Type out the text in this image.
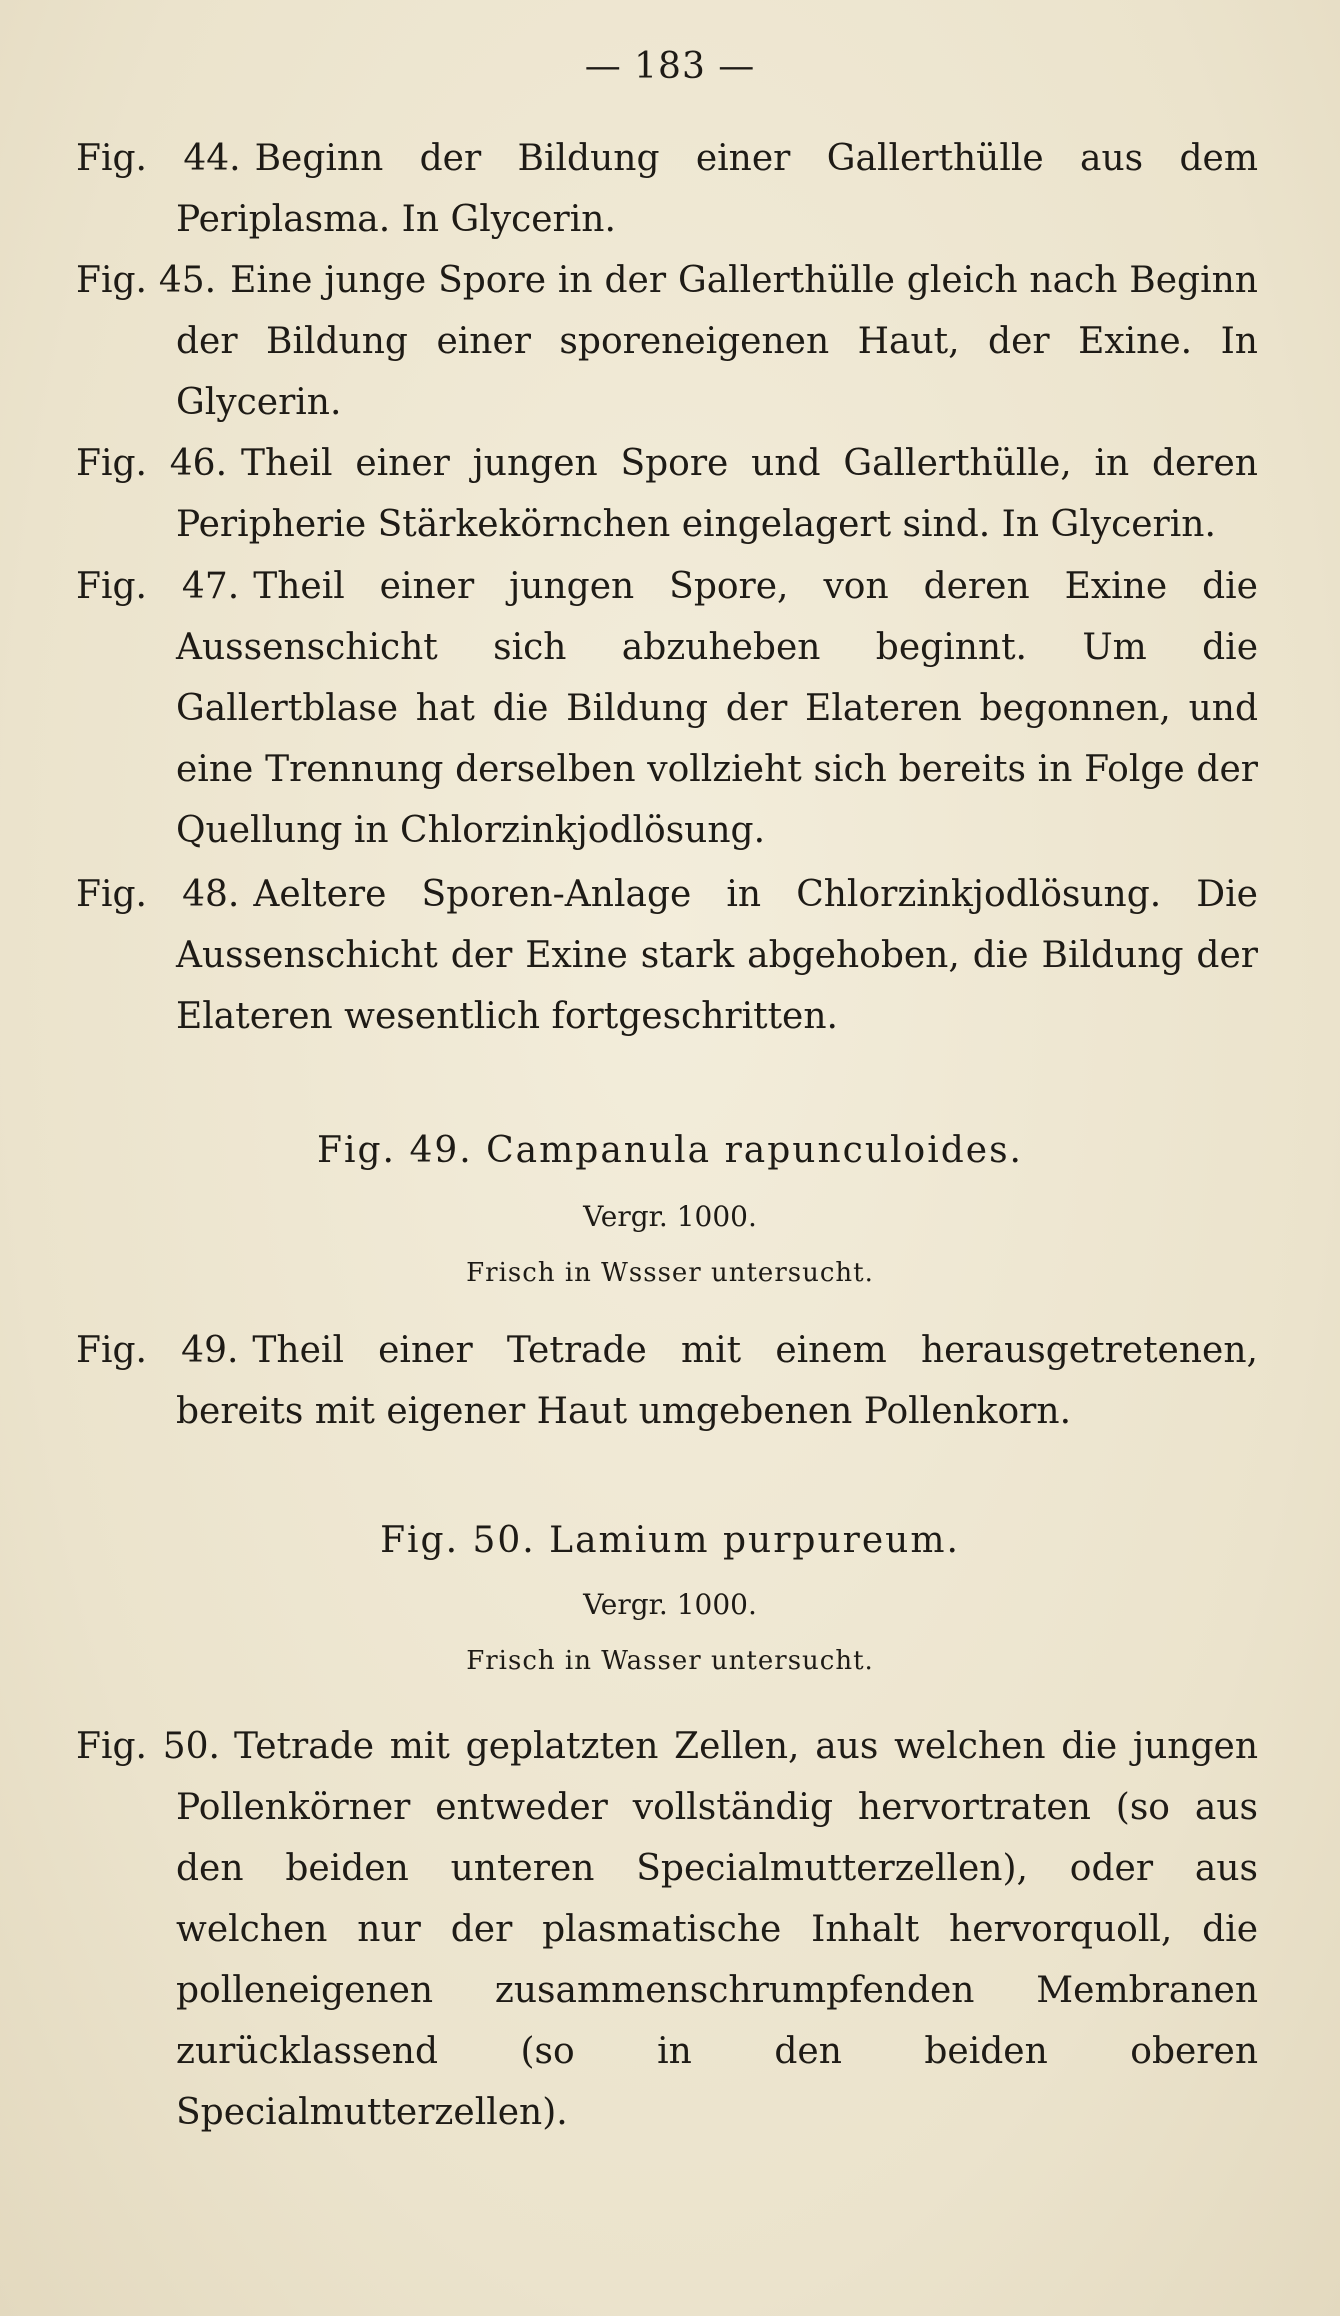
— 183 —

Fig. 44. Beginn der Bildung einer Gallerthülle aus dem Periplasma. In Glycerin.

Fig. 45. Eine junge Spore in der Gallerthülle gleich nach Beginn der Bildung einer sporeneigenen Haut, der Exine. In Glycerin.

Fig. 46. Theil einer jungen Spore und Gallerthülle, in deren Peripherie Stärkekörnchen eingelagert sind. In Glycerin.

Fig. 47. Theil einer jungen Spore, von deren Exine die Aussenschicht sich abzuheben beginnt. Um die Gallertblase hat die Bildung der Elateren begonnen, und eine Trennung derselben vollzieht sich bereits in Folge der Quellung in Chlorzinkjodlösung.

Fig. 48. Aeltere Sporen-Anlage in Chlorzinkjodlösung. Die Aussenschicht der Exine stark abgehoben, die Bildung der Elateren wesentlich fortgeschritten.

Fig. 49. Campanula rapunculoides.
Vergr. 1000.
Frisch in Wssser untersucht.

Fig. 49. Theil einer Tetrade mit einem herausgetretenen, bereits mit eigener Haut umgebenen Pollenkorn.

Fig. 50. Lamium purpureum.
Vergr. 1000.
Frisch in Wasser untersucht.

Fig. 50. Tetrade mit geplatzten Zellen, aus welchen die jungen Pollenkörner entweder vollständig hervortraten (so aus den beiden unteren Specialmutterzellen), oder aus welchen nur der plasmatische Inhalt hervorquoll, die polleneigenen zusammenschrumpfenden Membranen zurücklassend (so in den beiden oberen Specialmutterzellen).
